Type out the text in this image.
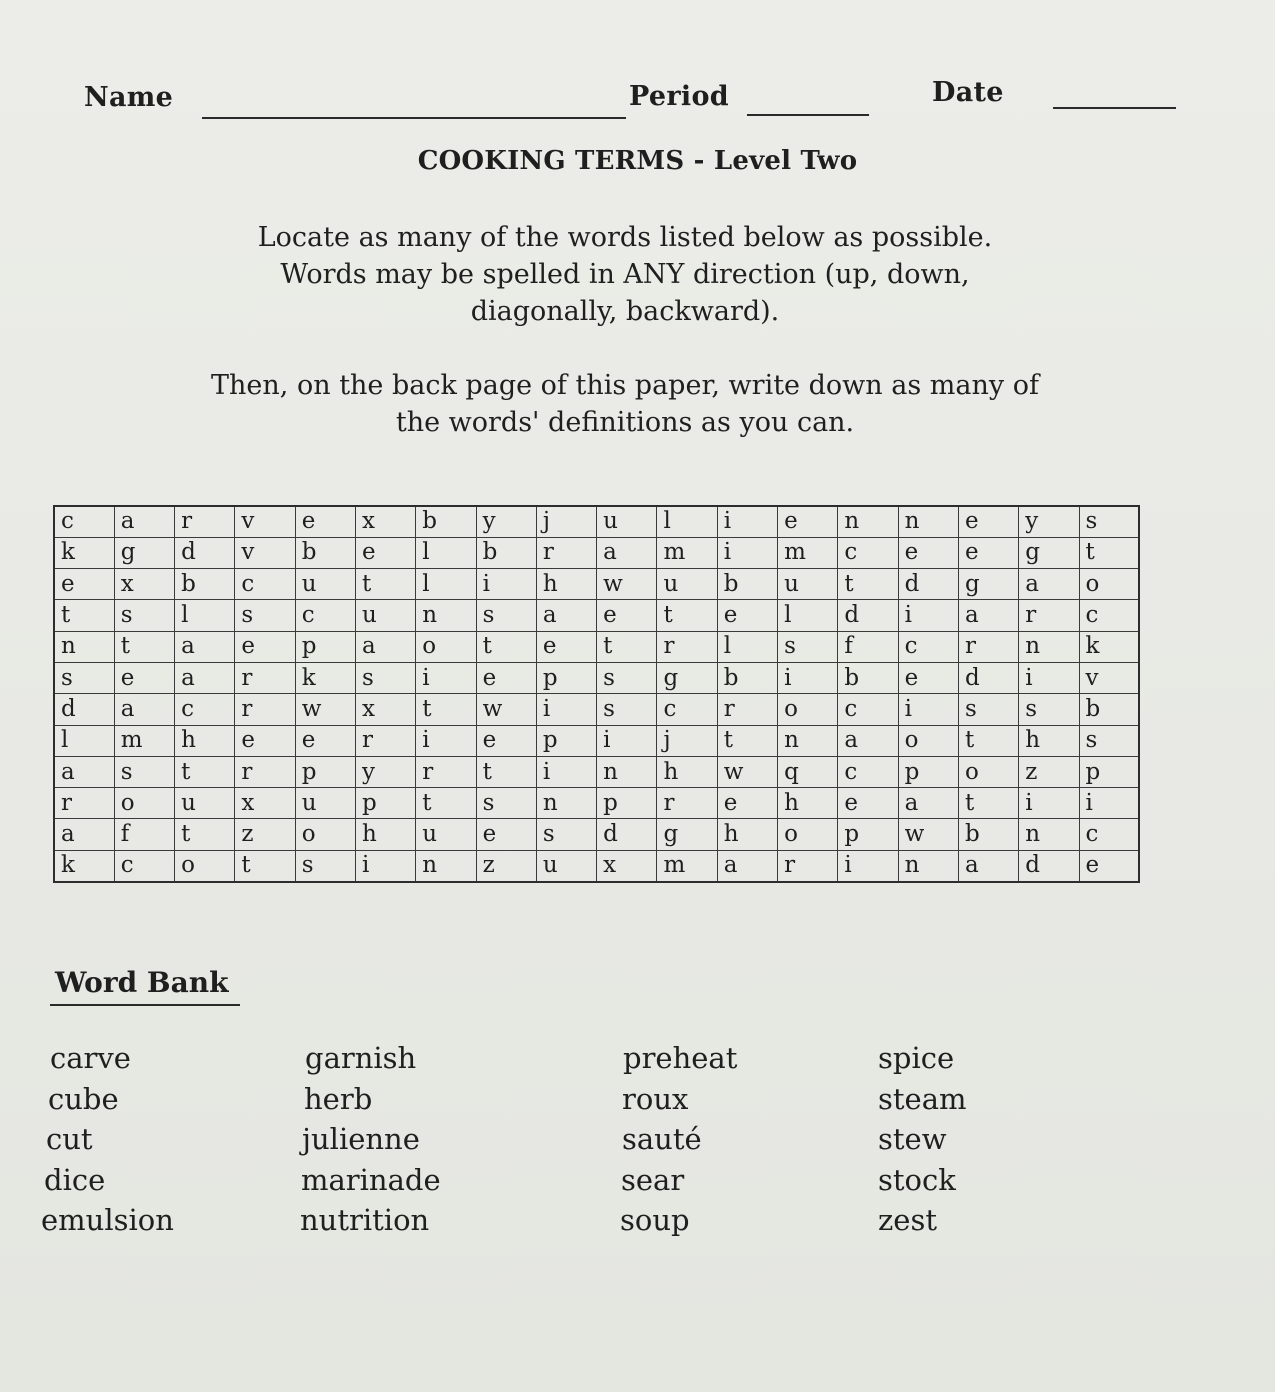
Name	Period	Date
COOKING TERMS - Level Two
Locate as many of the words listed below as possible.
Words may be spelled in ANY direction (up, down,
diagonally, backward).
Then, on the back page of this paper, write down as many of
the words' definitions as you can.
c	a	r	v	e	x	b	y	j	u	l	i	e	n	n	e	y	s
k	g	d	v	b	e	l	b	r	a	m	i	m	c	e	e	g	t
e	x	b	c	u	t	l	i	h	w	u	b	u	t	d	g	a	o
t	s	l	s	c	u	n	s	a	e	t	e	l	d	i	a	r	c
n	t	a	e	p	a	o	t	e	t	r	l	s	f	c	r	n	k
s	e	a	r	k	s	i	e	p	s	g	b	i	b	e	d	i	v
d	a	c	r	w	x	t	w	i	s	c	r	o	c	i	s	s	b
l	m	h	e	e	r	i	e	p	i	j	t	n	a	o	t	h	s
a	s	t	r	p	y	r	t	i	n	h	w	q	c	p	o	z	p
r	o	u	x	u	p	t	s	n	p	r	e	h	e	a	t	i	i
a	f	t	z	o	h	u	e	s	d	g	h	o	p	w	b	n	c
k	c	o	t	s	i	n	z	u	x	m	a	r	i	n	a	d	e
Word Bank
carve
cube
cut
dice
emulsion
garnish
herb
julienne
marinade
nutrition
preheat
roux
sauté
sear
soup
spice
steam
stew
stock
zest
